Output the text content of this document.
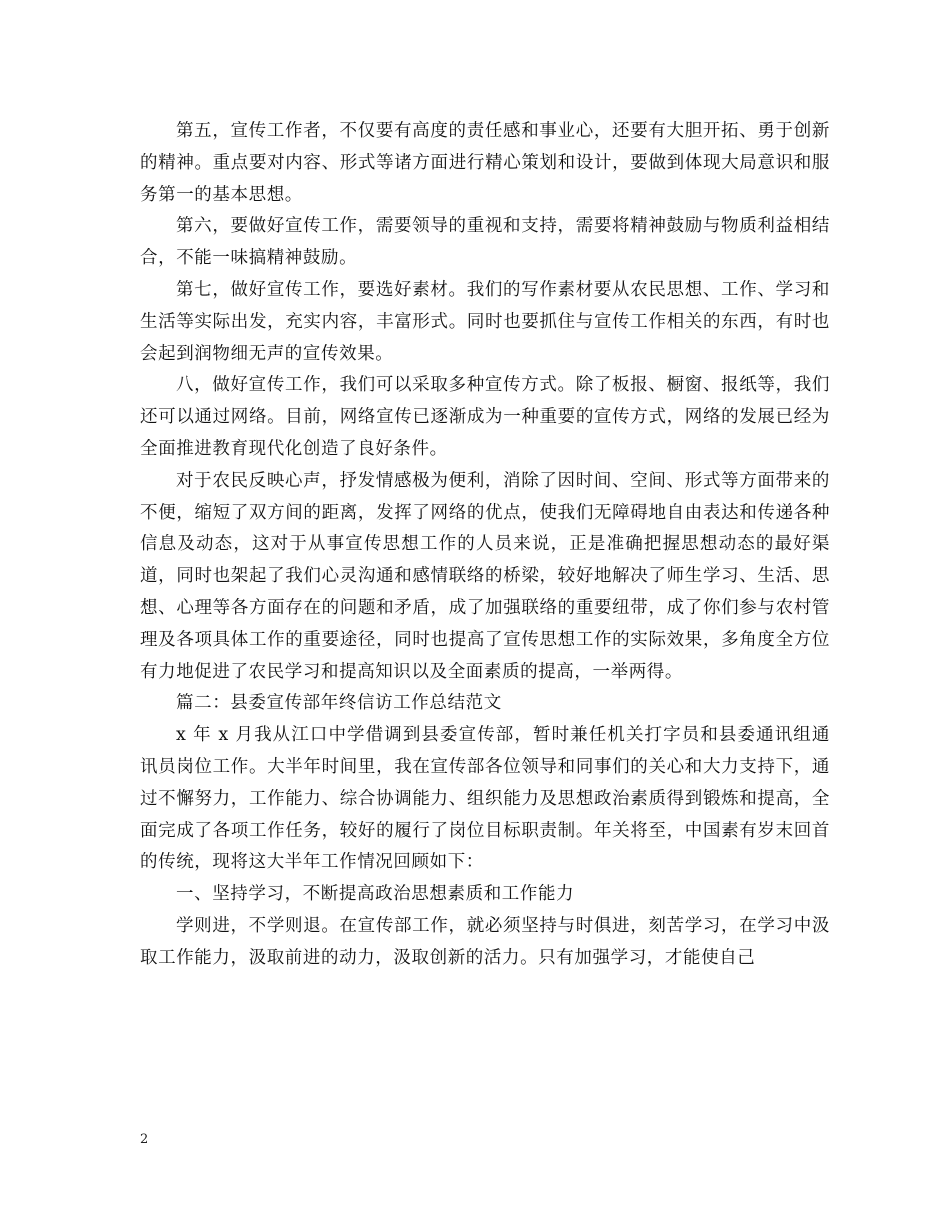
第五，宣传工作者，不仅要有高度的责任感和事业心，还要有大胆开拓、勇于创新的精神。重点要对内容、形式等诸方面进行精心策划和设计，要做到体现大局意识和服务第一的基本思想。

第六，要做好宣传工作，需要领导的重视和支持，需要将精神鼓励与物质利益相结合，不能一味搞精神鼓励。

第七，做好宣传工作，要选好素材。我们的写作素材要从农民思想、工作、学习和生活等实际出发，充实内容，丰富形式。同时也要抓住与宣传工作相关的东西，有时也会起到润物细无声的宣传效果。

八，做好宣传工作，我们可以采取多种宣传方式。除了板报、橱窗、报纸等，我们还可以通过网络。目前，网络宣传已逐渐成为一种重要的宣传方式，网络的发展已经为全面推进教育现代化创造了良好条件。

对于农民反映心声，抒发情感极为便利，消除了因时间、空间、形式等方面带来的不便，缩短了双方间的距离，发挥了网络的优点，使我们无障碍地自由表达和传递各种信息及动态，这对于从事宣传思想工作的人员来说，正是准确把握思想动态的最好渠道，同时也架起了我们心灵沟通和感情联络的桥梁，较好地解决了师生学习、生活、思想、心理等各方面存在的问题和矛盾，成了加强联络的重要纽带，成了你们参与农村管理及各项具体工作的重要途径，同时也提高了宣传思想工作的实际效果，多角度全方位有力地促进了农民学习和提高知识以及全面素质的提高，一举两得。

篇二：县委宣传部年终信访工作总结范文

x 年 x 月我从江口中学借调到县委宣传部，暂时兼任机关打字员和县委通讯组通讯员岗位工作。大半年时间里，我在宣传部各位领导和同事们的关心和大力支持下，通过不懈努力，工作能力、综合协调能力、组织能力及思想政治素质得到锻炼和提高，全面完成了各项工作任务，较好的履行了岗位目标职责制。年关将至，中国素有岁末回首的传统，现将这大半年工作情况回顾如下：

一、坚持学习，不断提高政治思想素质和工作能力

学则进，不学则退。在宣传部工作，就必须坚持与时俱进，刻苦学习，在学习中汲取工作能力，汲取前进的动力，汲取创新的活力。只有加强学习，才能使自己

2
